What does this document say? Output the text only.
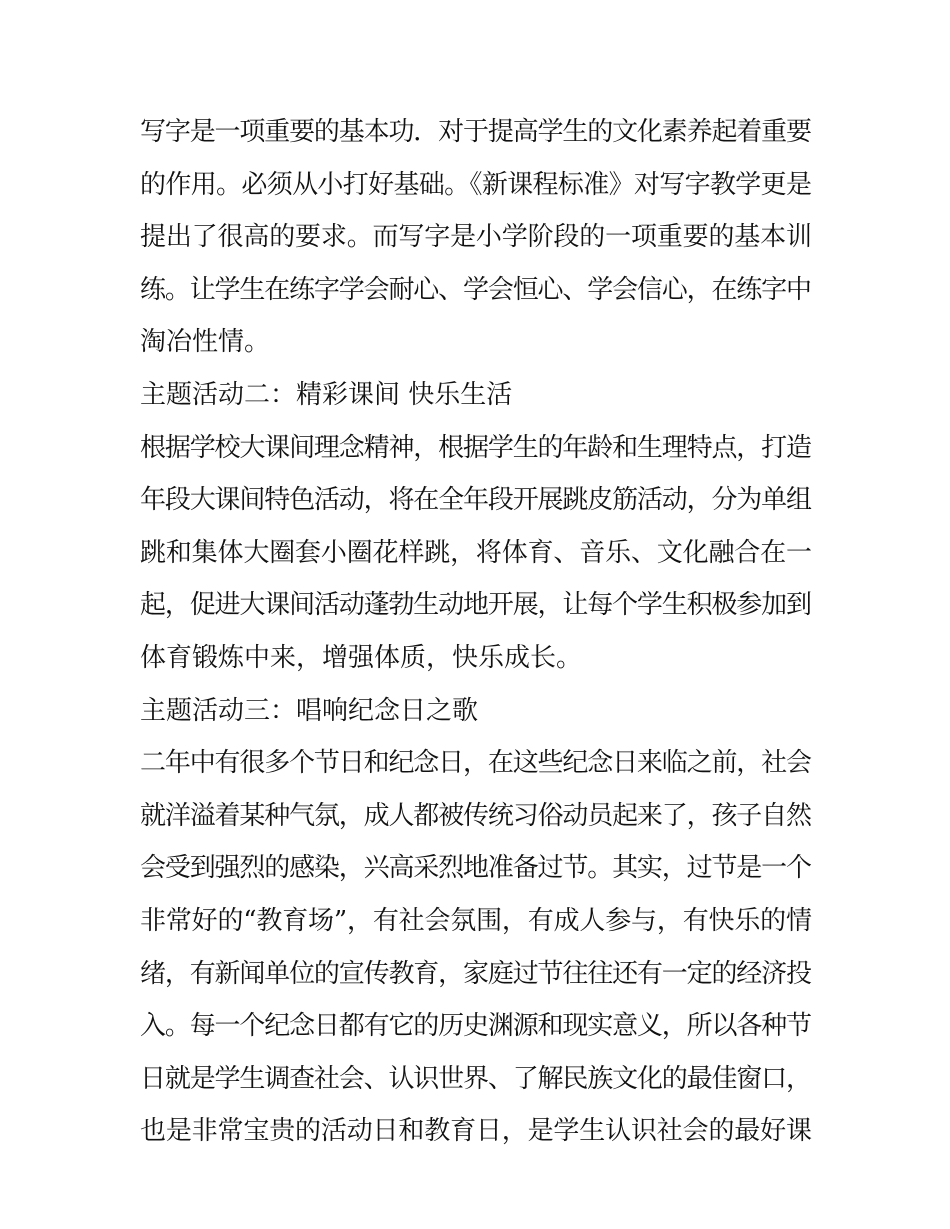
写字是一项重要的基本功．对于提高学生的文化素养起着重要
的作用。必须从小打好基础。《新课程标准》对写字教学更是
提出了很高的要求。而写字是小学阶段的一项重要的基本训
练。让学生在练字学会耐心、学会恒心、学会信心，在练字中
淘冶性情。
主题活动二：精彩课间 快乐生活
根据学校大课间理念精神，根据学生的年龄和生理特点，打造
年段大课间特色活动，将在全年段开展跳皮筋活动，分为单组
跳和集体大圈套小圈花样跳，将体育、音乐、文化融合在一
起，促进大课间活动蓬勃生动地开展，让每个学生积极参加到
体育锻炼中来，增强体质，快乐成长。
主题活动三：唱响纪念日之歌
二年中有很多个节日和纪念日，在这些纪念日来临之前，社会
就洋溢着某种气氛，成人都被传统习俗动员起来了，孩子自然
会受到强烈的感染，兴高采烈地准备过节。其实，过节是一个
非常好的“教育场”，有社会氛围，有成人参与，有快乐的情
绪，有新闻单位的宣传教育，家庭过节往往还有一定的经济投
入。每一个纪念日都有它的历史渊源和现实意义，所以各种节
日就是学生调查社会、认识世界、了解民族文化的最佳窗口，
也是非常宝贵的活动日和教育日，是学生认识社会的最好课
